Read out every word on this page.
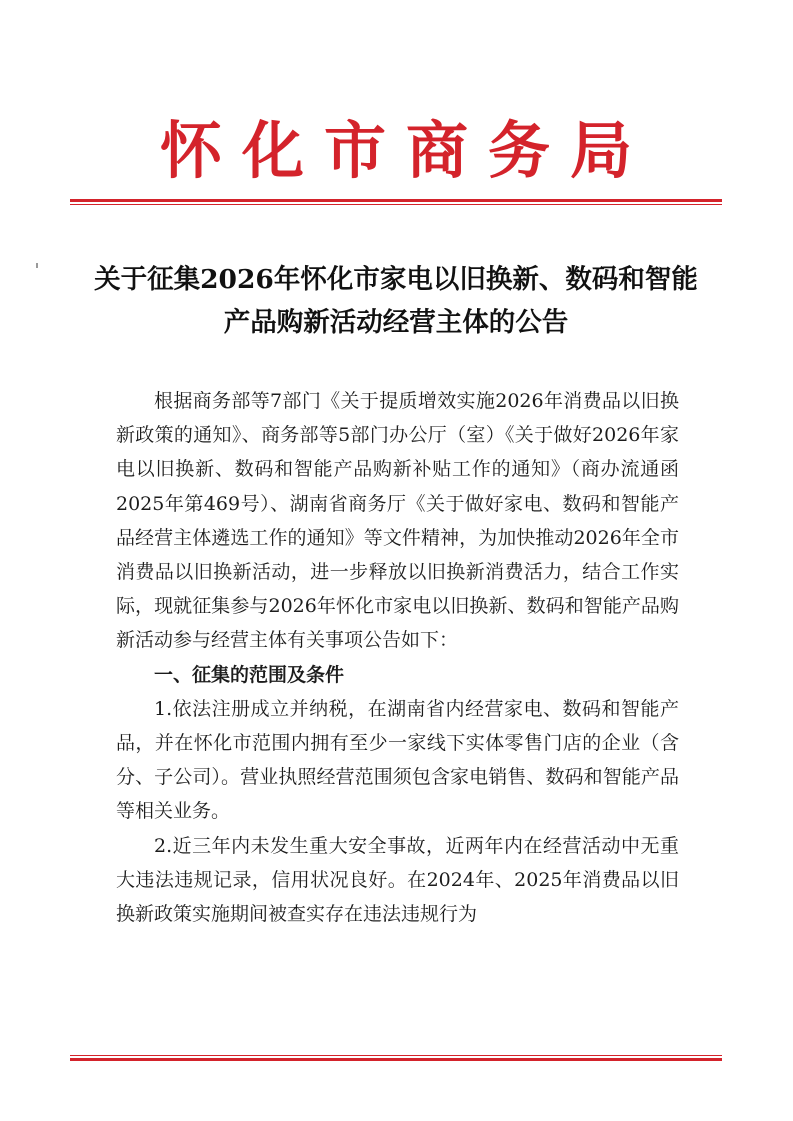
怀化市商务局
关于征集2026年怀化市家电以旧换新、数码和智能产品购新活动经营主体的公告

根据商务部等7部门《关于提质增效实施2026年消费品以旧换新政策的通知》、商务部等5部门办公厅（室）《关于做好2026年家电以旧换新、数码和智能产品购新补贴工作的通知》（商办流通函2025年第469号）、湖南省商务厅《关于做好家电、数码和智能产品经营主体遴选工作的通知》等文件精神，为加快推动2026年全市消费品以旧换新活动，进一步释放以旧换新消费活力，结合工作实际，现就征集参与2026年怀化市家电以旧换新、数码和智能产品购新活动参与经营主体有关事项公告如下：

一、征集的范围及条件

1.依法注册成立并纳税，在湖南省内经营家电、数码和智能产品，并在怀化市范围内拥有至少一家线下实体零售门店的企业（含分、子公司）。营业执照经营范围须包含家电销售、数码和智能产品等相关业务。

2.近三年内未发生重大安全事故，近两年内在经营活动中无重大违法违规记录，信用状况良好。在2024年、2025年消费品以旧换新政策实施期间被查实存在违法违规行为
